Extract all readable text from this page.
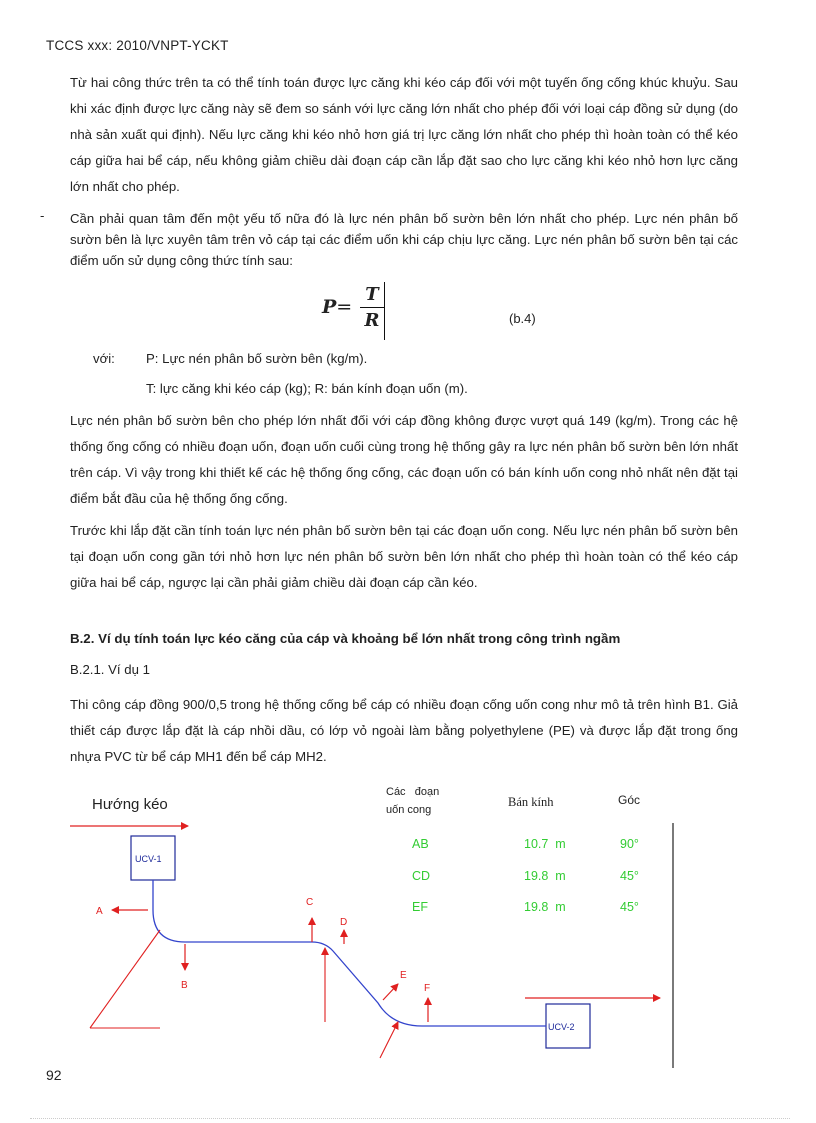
TCCS xxx: 2010/VNPT-YCKT
Từ hai công thức trên ta có thể tính toán được lực căng khi kéo cáp đối với một tuyến ống cống khúc khuỷu. Sau khi xác định được lực căng này sẽ đem so sánh với lực căng lớn nhất cho phép đối với loại cáp đồng sử dụng (do nhà sản xuất qui định). Nếu lực căng khi kéo nhỏ hơn giá trị lực căng lớn nhất cho phép thì hoàn toàn có thể kéo cáp giữa hai bể cáp, nếu không giảm chiều dài đoạn cáp cần lắp đặt sao cho lực căng khi kéo nhỏ hơn lực căng lớn nhất cho phép.
- Cần phải quan tâm đến một yếu tố nữa đó là lực nén phân bố sườn bên lớn nhất cho phép. Lực nén phân bố sườn bên là lực xuyên tâm trên vỏ cáp tại các điểm uốn khi cáp chịu lực căng. Lực nén phân bố sườn bên tại các điểm uốn sử dụng công thức tính sau:
P=
T
R	(b.4)
với: P: Lực nén phân bố sườn bên (kg/m).
T: lực căng khi kéo cáp (kg); R: bán kính đoạn uốn (m).
Lực nén phân bố sườn bên cho phép lớn nhất đối với cáp đồng không được vượt quá 149 (kg/m). Trong các hệ thống ống cống có nhiều đoạn uốn, đoạn uốn cuối cùng trong hệ thống gây ra lực nén phân bố sườn bên lớn nhất trên cáp. Vì vậy trong khi thiết kế các hệ thống ống cống, các đoạn uốn có bán kính uốn cong nhỏ nhất nên đặt tại điểm bắt đầu của hệ thống ống cống.
Trước khi lắp đặt cần tính toán lực nén phân bố sườn bên tại các đoạn uốn cong. Nếu lực nén phân bố sườn bên tại đoạn uốn cong gần tới nhỏ hơn lực nén phân bố sườn bên lớn nhất cho phép thì hoàn toàn có thể kéo cáp giữa hai bể cáp, ngược lại cần phải giảm chiều dài đoạn cáp cần kéo.
B.2. Ví dụ tính toán lực kéo căng của cáp và khoảng bể lớn nhất trong công trình ngầm
B.2.1. Ví dụ 1
Thi công cáp đồng 900/0,5 trong hệ thống cống bể cáp có nhiều đoạn cống uốn cong như mô tả trên hình B1. Giả thiết cáp được lắp đặt là cáp nhồi dầu, có lớp vỏ ngoài làm bằng polyethylene (PE) và được lắp đặt trong ống nhựa PVC từ bể cáp MH1 đến bể cáp MH2.
Hướng kéo
Các   đoạn
uốn cong
Bán kính	Góc
AB	10.7  m	90°
CD	19.8  m	45°
EF	19.8  m	45°
UCV-1
UCV-2
A
B
C
D
E
F
92
